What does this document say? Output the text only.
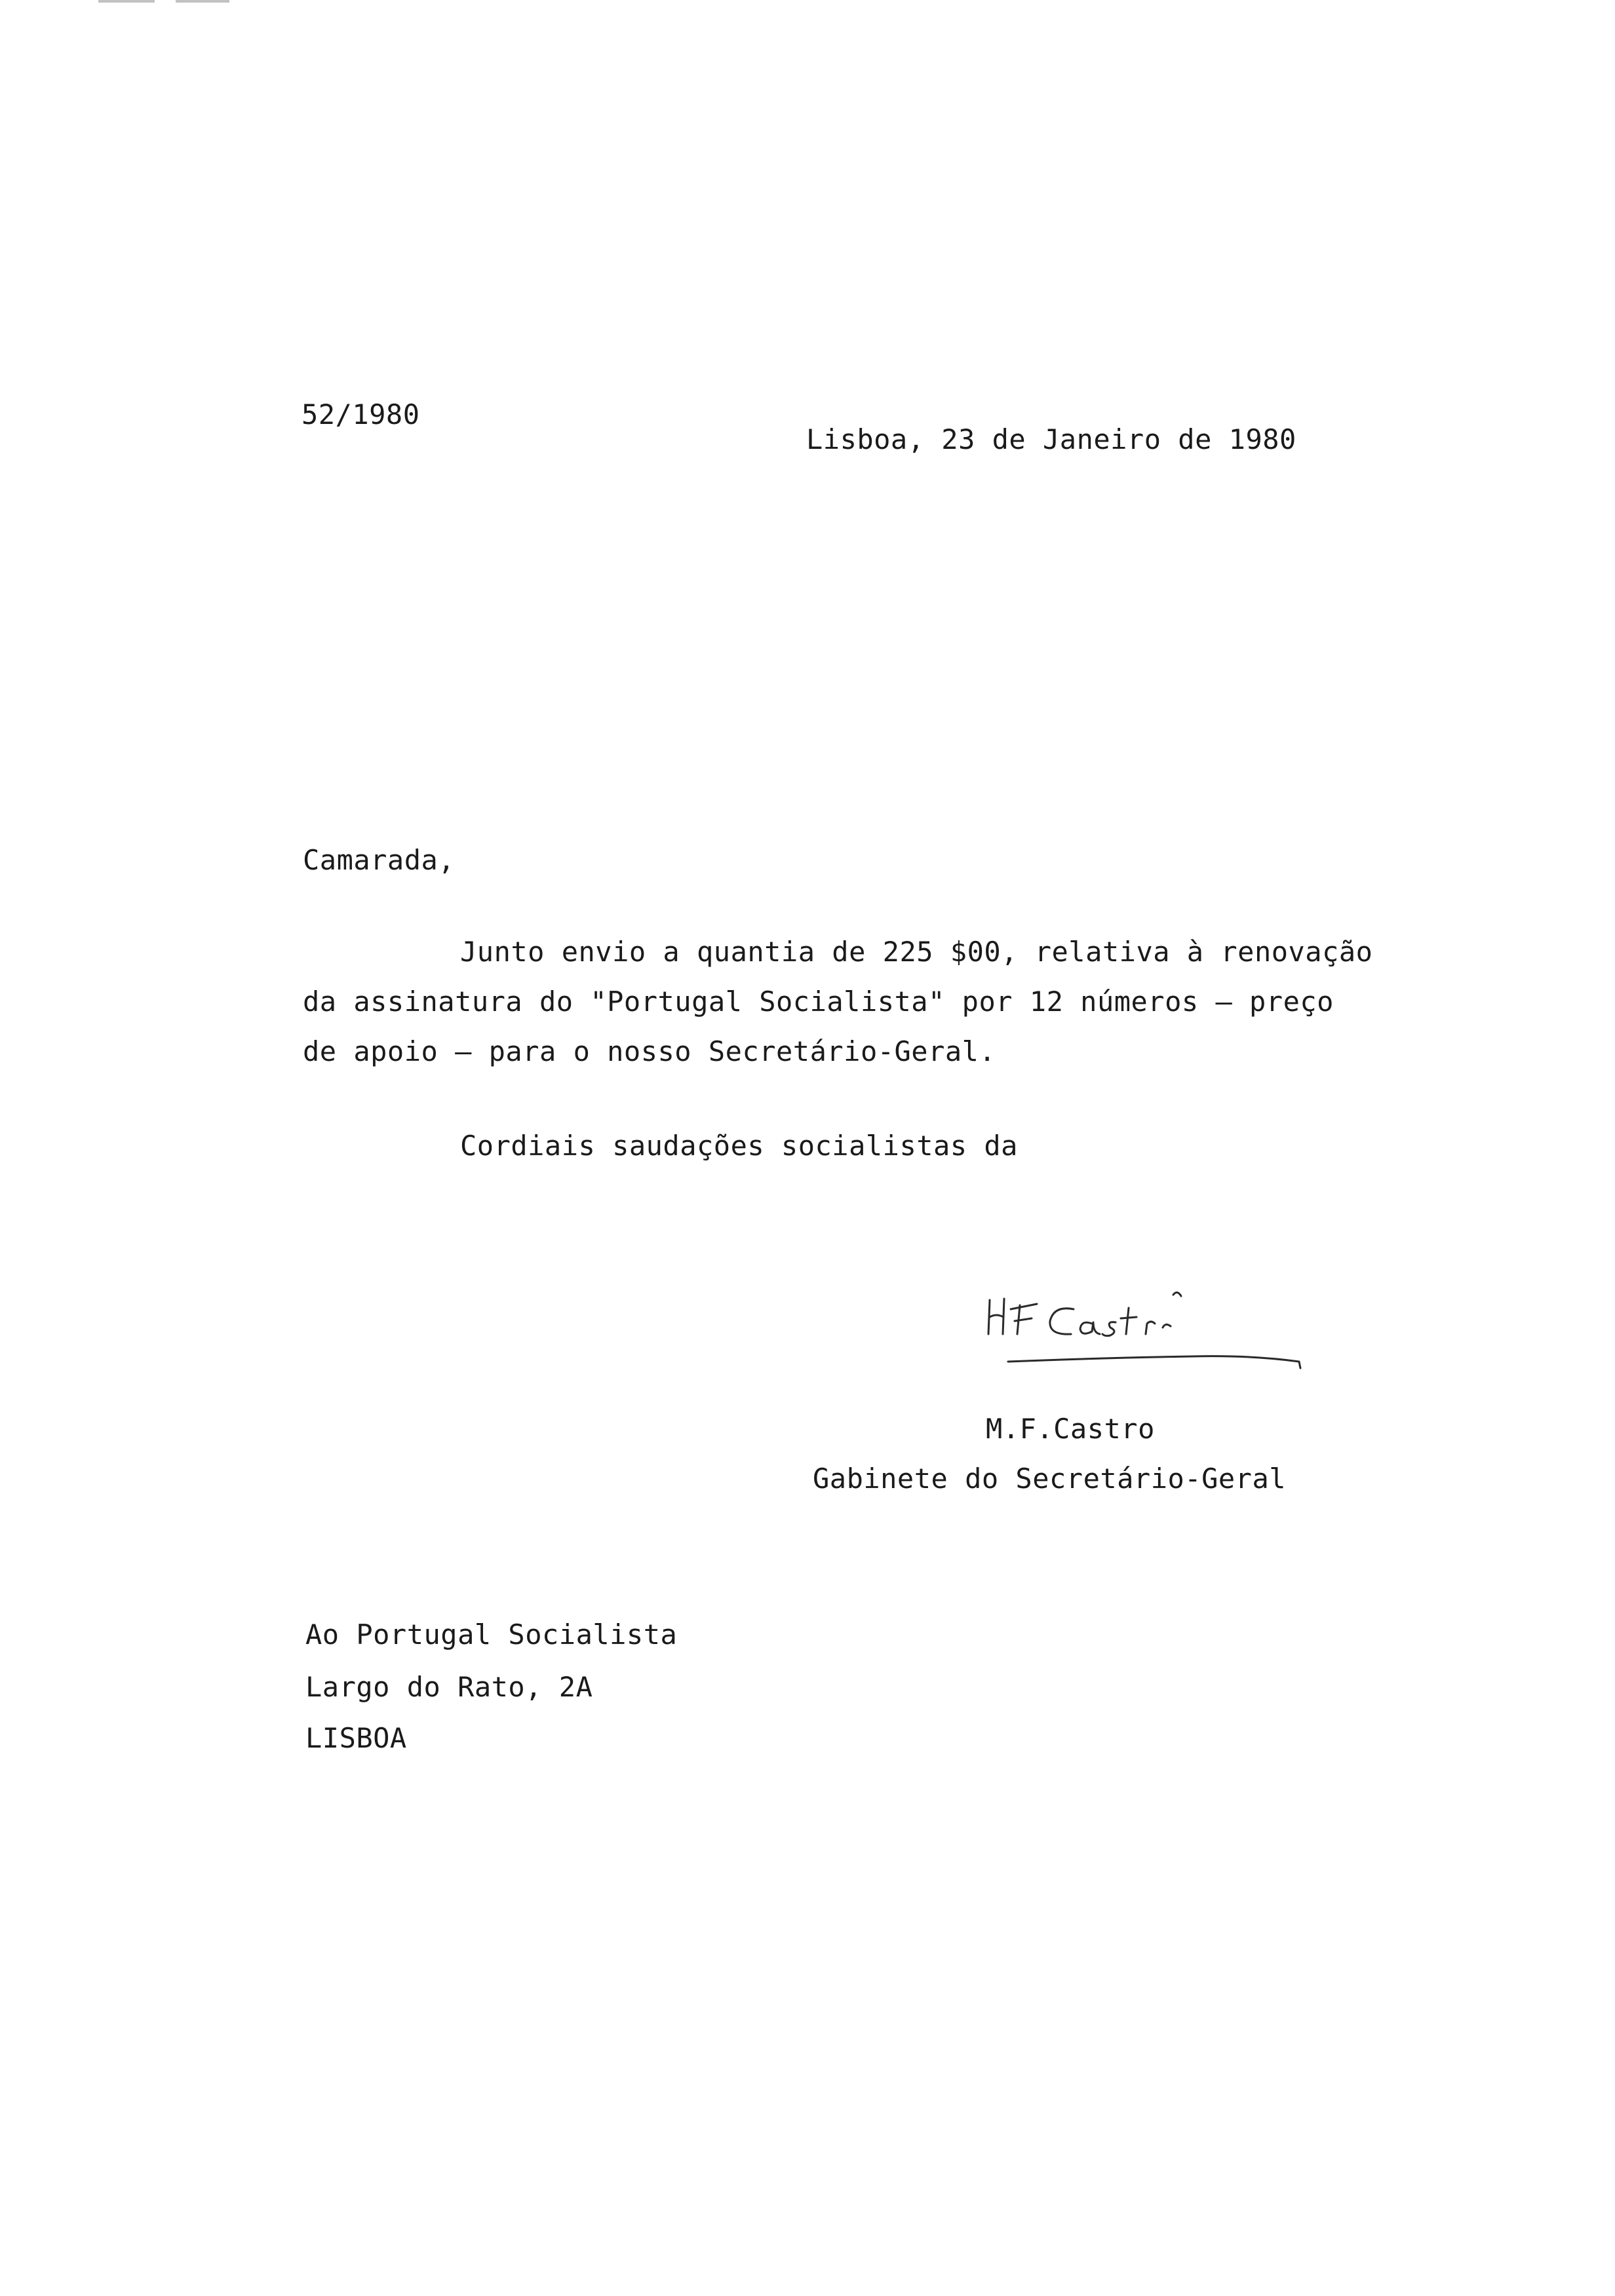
52/1980
Lisboa, 23 de Janeiro de 1980
Camarada,
Junto envio a quantia de 225 $00, relativa à renovação
da assinatura do "Portugal Socialista" por 12 números — preço
de apoio — para o nosso Secretário-Geral.
Cordiais saudações socialistas da
M.F.Castro
Gabinete do Secretário-Geral
Ao Portugal Socialista
Largo do Rato, 2A
LISBOA
